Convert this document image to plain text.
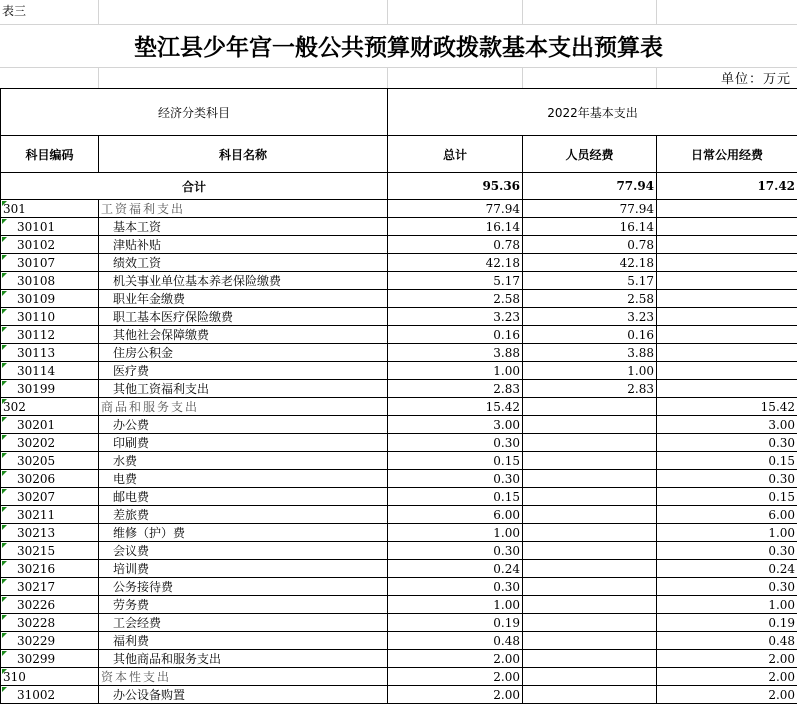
表三
垫江县少年宫一般公共预算财政拨款基本支出预算表
单位：万元
经济分类科目		2022年基本支出		
科目编码	科目名称	总计	人员经费	日常公用经费
合计		95.36	77.94	17.42

301	工资福利支出	77.94	77.94	

30101	基本工资	16.14	16.14	

30102	津贴补贴	0.78	0.78	

30107	绩效工资	42.18	42.18	

30108	机关事业单位基本养老保险缴费	5.17	5.17	

30109	职业年金缴费	2.58	2.58	

30110	职工基本医疗保险缴费	3.23	3.23	

30112	其他社会保障缴费	0.16	0.16	

30113	住房公积金	3.88	3.88	

30114	医疗费	1.00	1.00	

30199	其他工资福利支出	2.83	2.83	

302	商品和服务支出	15.42		15.42

30201	办公费	3.00		3.00

30202	印刷费	0.30		0.30

30205	水费	0.15		0.15

30206	电费	0.30		0.30

30207	邮电费	0.15		0.15

30211	差旅费	6.00		6.00

30213	维修（护）费	1.00		1.00

30215	会议费	0.30		0.30

30216	培训费	0.24		0.24

30217	公务接待费	0.30		0.30

30226	劳务费	1.00		1.00

30228	工会经费	0.19		0.19

30229	福利费	0.48		0.48

30299	其他商品和服务支出	2.00		2.00

310	资本性支出	2.00		2.00

31002	办公设备购置	2.00		2.00
